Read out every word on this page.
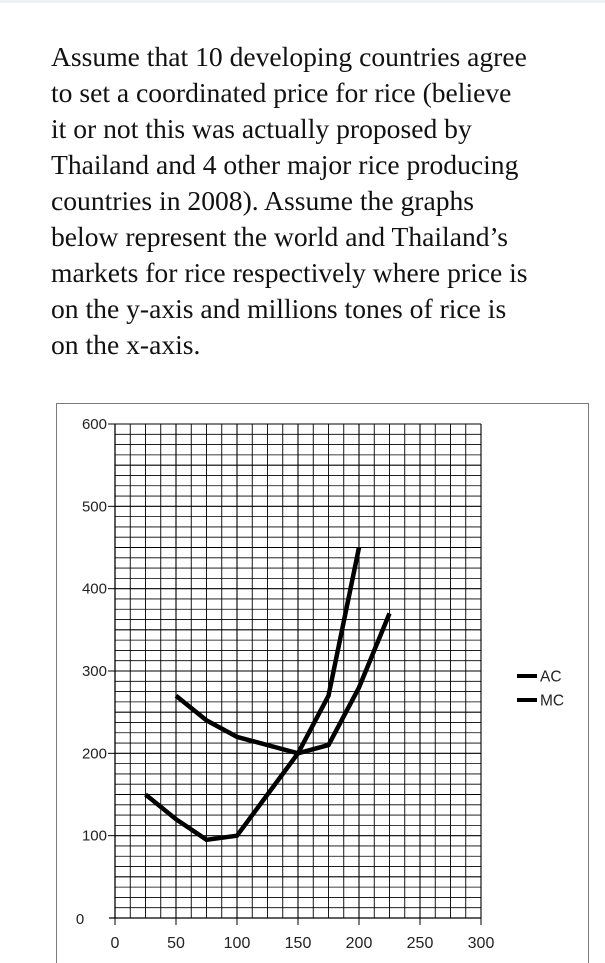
Assume that 10 developing countries agree
to set a coordinated price for rice (believe
it or not this was actually proposed by
Thailand and 4 other major rice producing
countries in 2008). Assume the graphs
below represent the world and Thailand’s
markets for rice respectively where price is
on the y-axis and millions tones of rice is
on the x-axis.

0	50 100 150 200 250 300
0
100
200
300
400
500
600
AC
MC
